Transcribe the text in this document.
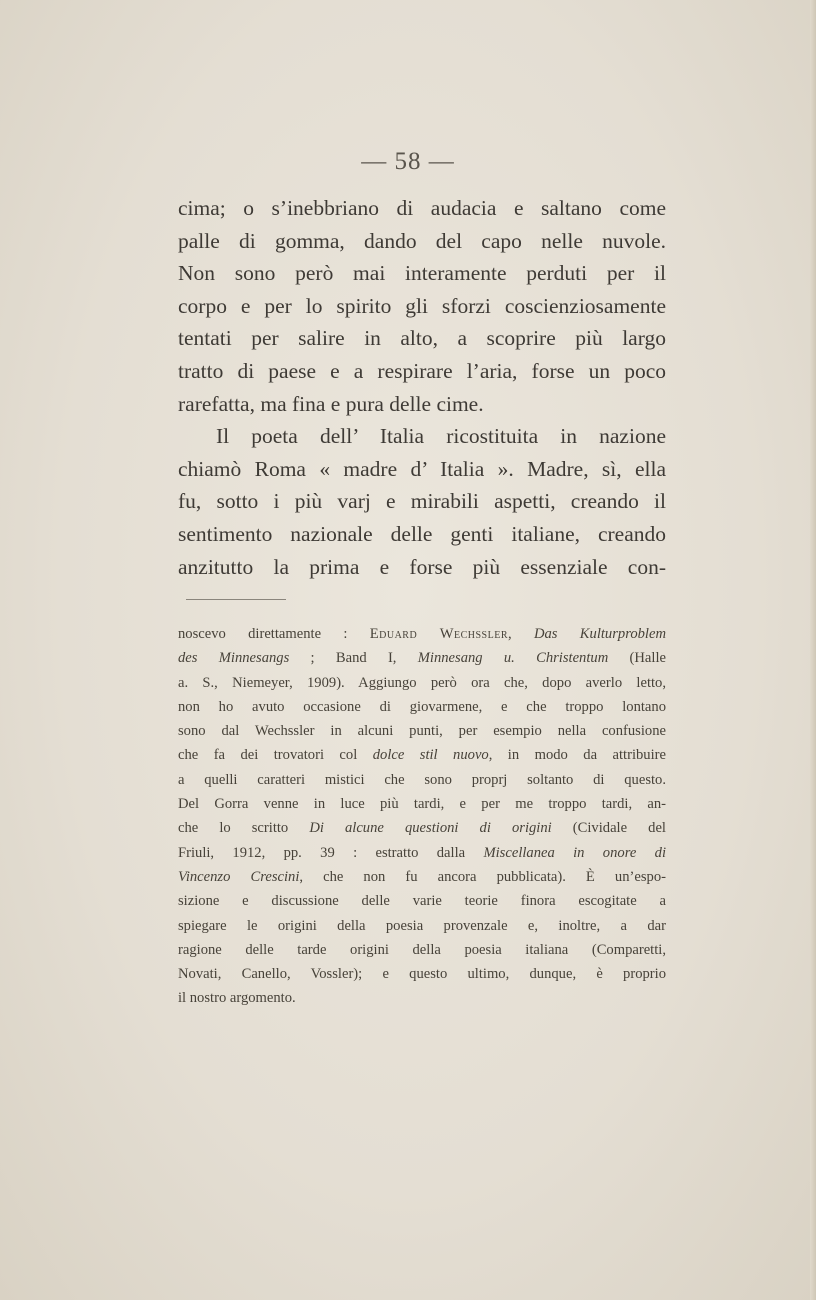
— 58 —

cima; o s’inebbriano di audacia e saltano come
palle di gomma, dando del capo nelle nuvole.
Non sono però mai interamente perduti per il
corpo e per lo spirito gli sforzi coscienziosamente
tentati per salire in alto, a scoprire più largo
tratto di paese e a respirare l’aria, forse un poco
rarefatta, ma fina e pura delle cime.

Il poeta dell’ Italia ricostituita in nazione
chiamò Roma « madre d’ Italia ». Madre, sì, ella
fu, sotto i più varj e mirabili aspetti, creando il
sentimento nazionale delle genti italiane, creando
anzitutto la prima e forse più essenziale con-

noscevo direttamente : Eduard Wechssler, Das Kulturproblem
des Minnesangs ; Band I, Minnesang u. Christentum (Halle
a. S., Niemeyer, 1909). Aggiungo però ora che, dopo averlo letto,
non ho avuto occasione di giovarmene, e che troppo lontano
sono dal Wechssler in alcuni punti, per esempio nella confusione
che fa dei trovatori col dolce stil nuovo, in modo da attribuire
a quelli caratteri mistici che sono proprj soltanto di questo.
Del Gorra venne in luce più tardi, e per me troppo tardi, an-
che lo scritto Di alcune questioni di origini (Cividale del
Friuli, 1912, pp. 39 : estratto dalla Miscellanea in onore di
Vincenzo Crescini, che non fu ancora pubblicata). È un’espo-
sizione e discussione delle varie teorie finora escogitate a
spiegare le origini della poesia provenzale e, inoltre, a dar
ragione delle tarde origini della poesia italiana (Comparetti,
Novati, Canello, Vossler); e questo ultimo, dunque, è proprio
il nostro argomento.
